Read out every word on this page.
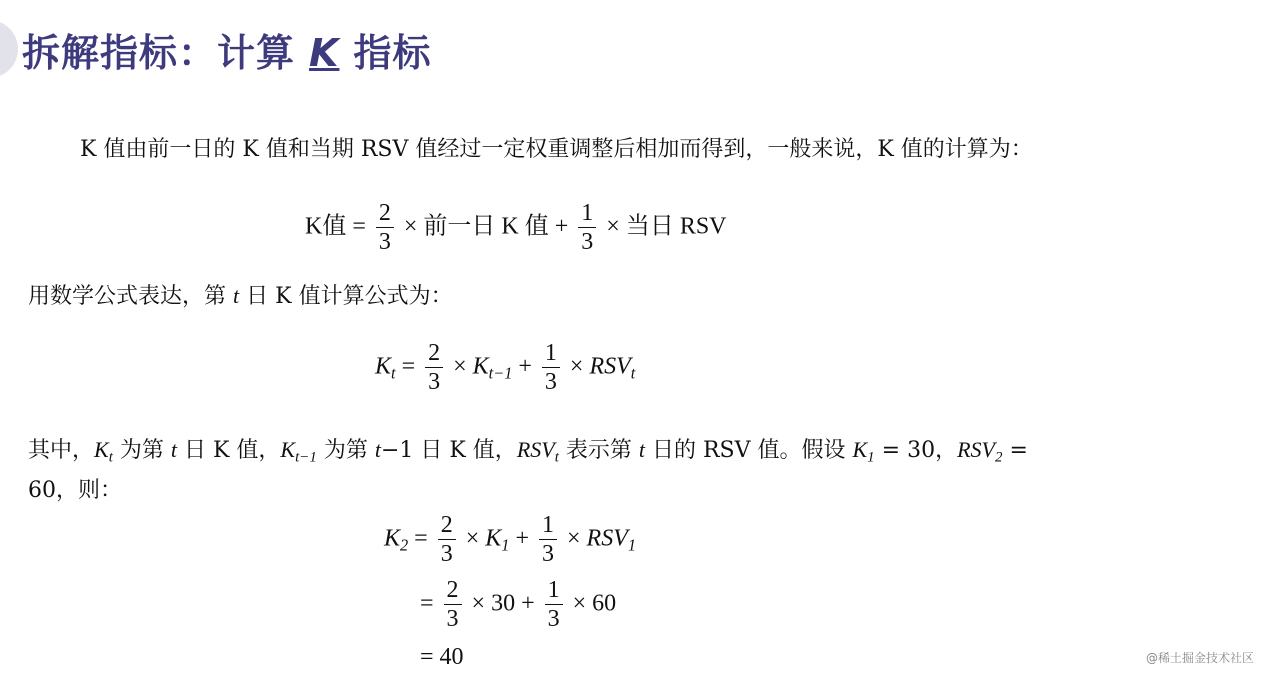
拆解指标：计算 K 指标

K 值由前一日的 K 值和当期 RSV 值经过一定权重调整后相加而得到，一般来说，K 值的计算为：

K值 = $\frac{2}{3}$ × 前一日 K 值 + $\frac{1}{3}$ × 当日 RSV

用数学公式表达，第 t 日 K 值计算公式为：

$K_t = \frac{2}{3} \times K_{t-1} + \frac{1}{3} \times RSV_t$

其中，$K_t$ 为第 t 日 K 值，$K_{t-1}$ 为第 t−1 日 K 值，$RSV_t$ 表示第 t 日的 RSV 值。假设 $K_1 = 30$，$RSV_2 = 60$，则：

$K_2 = \frac{2}{3} \times K_1 + \frac{1}{3} \times RSV_1$
= $\frac{2}{3} \times 30 + \frac{1}{3} \times 60$
= 40	@稀土掘金技术社区
